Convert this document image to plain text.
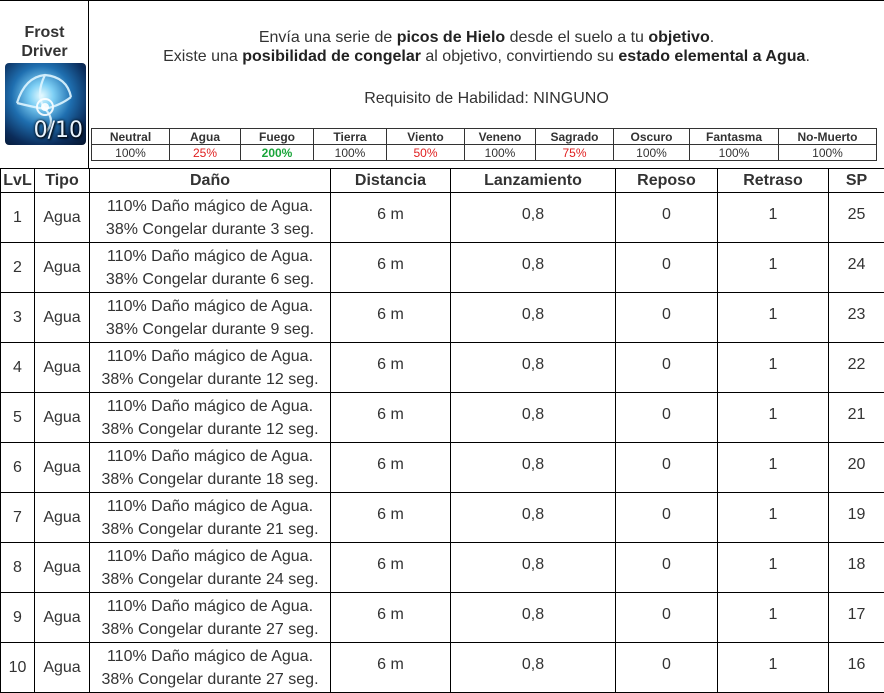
Frost
Driver
0/10
Envía una serie de picos de Hielo desde el suelo a tu objetivo.
Existe una posibilidad de congelar al objetivo, convirtiendo su estado elemental a Agua.
Requisito de Habilidad: NINGUNO
Neutral	Agua	Fuego	Tierra	Viento	Veneno	Sagrado	Oscuro	Fantasma	No-Muerto
100%	25%	200%	100%	50%	100%	75%	100%	100%	100%
LvL	Tipo	Daño	Distancia	Lanzamiento	Reposo	Retraso	SP
1	Agua	110% Daño mágico de Agua.
38% Congelar durante 3 seg.	6 m	0,8	0	1	25
2	Agua	110% Daño mágico de Agua.
38% Congelar durante 6 seg.	6 m	0,8	0	1	24
3	Agua	110% Daño mágico de Agua.
38% Congelar durante 9 seg.	6 m	0,8	0	1	23
4	Agua	110% Daño mágico de Agua.
38% Congelar durante 12 seg.	6 m	0,8	0	1	22
5	Agua	110% Daño mágico de Agua.
38% Congelar durante 12 seg.	6 m	0,8	0	1	21
6	Agua	110% Daño mágico de Agua.
38% Congelar durante 18 seg.	6 m	0,8	0	1	20
7	Agua	110% Daño mágico de Agua.
38% Congelar durante 21 seg.	6 m	0,8	0	1	19
8	Agua	110% Daño mágico de Agua.
38% Congelar durante 24 seg.	6 m	0,8	0	1	18
9	Agua	110% Daño mágico de Agua.
38% Congelar durante 27 seg.	6 m	0,8	0	1	17
10	Agua	110% Daño mágico de Agua.
38% Congelar durante 27 seg.	6 m	0,8	0	1	16
